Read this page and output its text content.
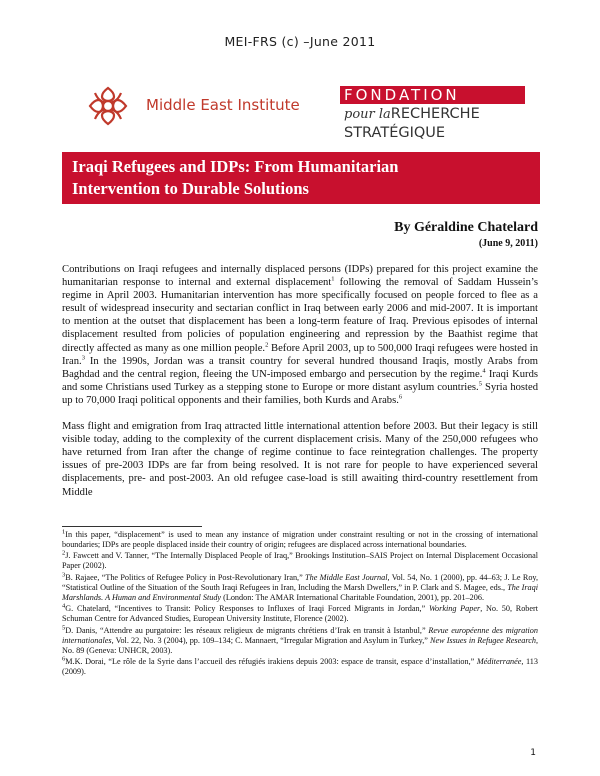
MEI-FRS (c) –June 2011
Middle East Institute
FONDATION
pour laRECHERCHE
STRATÉGIQUE
Iraqi Refugees and IDPs: From Humanitarian
Intervention to Durable Solutions
By Géraldine Chatelard
(June 9, 2011)

Contributions on Iraqi refugees and internally displaced persons (IDPs) prepared for this project examine the humanitarian response to internal and external displacement$^1$ following the removal of Saddam Hussein’s regime in April 2003. Humanitarian intervention has more specifically focused on people forced to flee as a result of widespread insecurity and sectarian conflict in Iraq between early 2006 and mid-2007. It is important to mention at the outset that displacement has been a long-term feature of Iraq. Previous episodes of internal displacement resulted from policies of population engineering and repression by the Baathist regime that directly affected as many as one million people.$^2$ Before April 2003, up to 500,000 Iraqi refugees were hosted in Iran.$^3$ In the 1990s, Jordan was a transit country for several hundred thousand Iraqis, mostly Arabs from Baghdad and the central region, fleeing the UN-imposed embargo and persecution by the regime.$^4$ Iraqi Kurds and some Christians used Turkey as a stepping stone to Europe or more distant asylum countries.$^5$ Syria hosted up to 70,000 Iraqi political opponents and their families, both Kurds and Arabs.$^6$

Mass flight and emigration from Iraq attracted little international attention before 2003. But their legacy is still visible today, adding to the complexity of the current displacement crisis. Many of the 250,000 refugees who have returned from Iran after the change of regime continue to face reintegration challenges. The property issues of pre-2003 IDPs are far from being resolved. It is not rare for people to have experienced several displacements, pre- and post-2003. An old refugee case-load is still awaiting third-country resettlement from Middle

$^1$In this paper, “displacement” is used to mean any instance of migration under constraint resulting or not in the crossing of international boundaries; IDPs are people displaced inside their country of origin; refugees are displaced across international boundaries.

$^2$J. Fawcett and V. Tanner, “The Internally Displaced People of Iraq,” Brookings Institution–SAIS Project on Internal Displacement Occasional Paper (2002).

$^3$B. Rajaee, “The Politics of Refugee Policy in Post-Revolutionary Iran,” The Middle East Journal, Vol. 54, No. 1 (2000), pp. 44–63; J. Le Roy, “Statistical Outline of the Situation of the South Iraqi Refugees in Iran, Including the Marsh Dwellers,” in P. Clark and S. Magee, eds., The Iraqi Marshlands. A Human and Environmental Study (London: The AMAR International Charitable Foundation, 2001), pp. 201–206.

$^4$G. Chatelard, “Incentives to Transit: Policy Responses to Influxes of Iraqi Forced Migrants in Jordan,” Working Paper, No. 50, Robert Schuman Centre for Advanced Studies, European University Institute, Florence (2002).

$^5$D. Danis, “Attendre au purgatoire: les réseaux religieux de migrants chrétiens d’Irak en transit à Istanbul,” Revue européenne des migration internationales, Vol. 22, No. 3 (2004), pp. 109–134; C. Mannaert, “Irregular Migration and Asylum in Turkey,” New Issues in Refugee Research, No. 89 (Geneva: UNHCR, 2003).

$^6$M.K. Dorai, “Le rôle de la Syrie dans l’accueil des réfugiés irakiens depuis 2003: espace de transit, espace d’installation,” Méditerranée, 113 (2009).

1
